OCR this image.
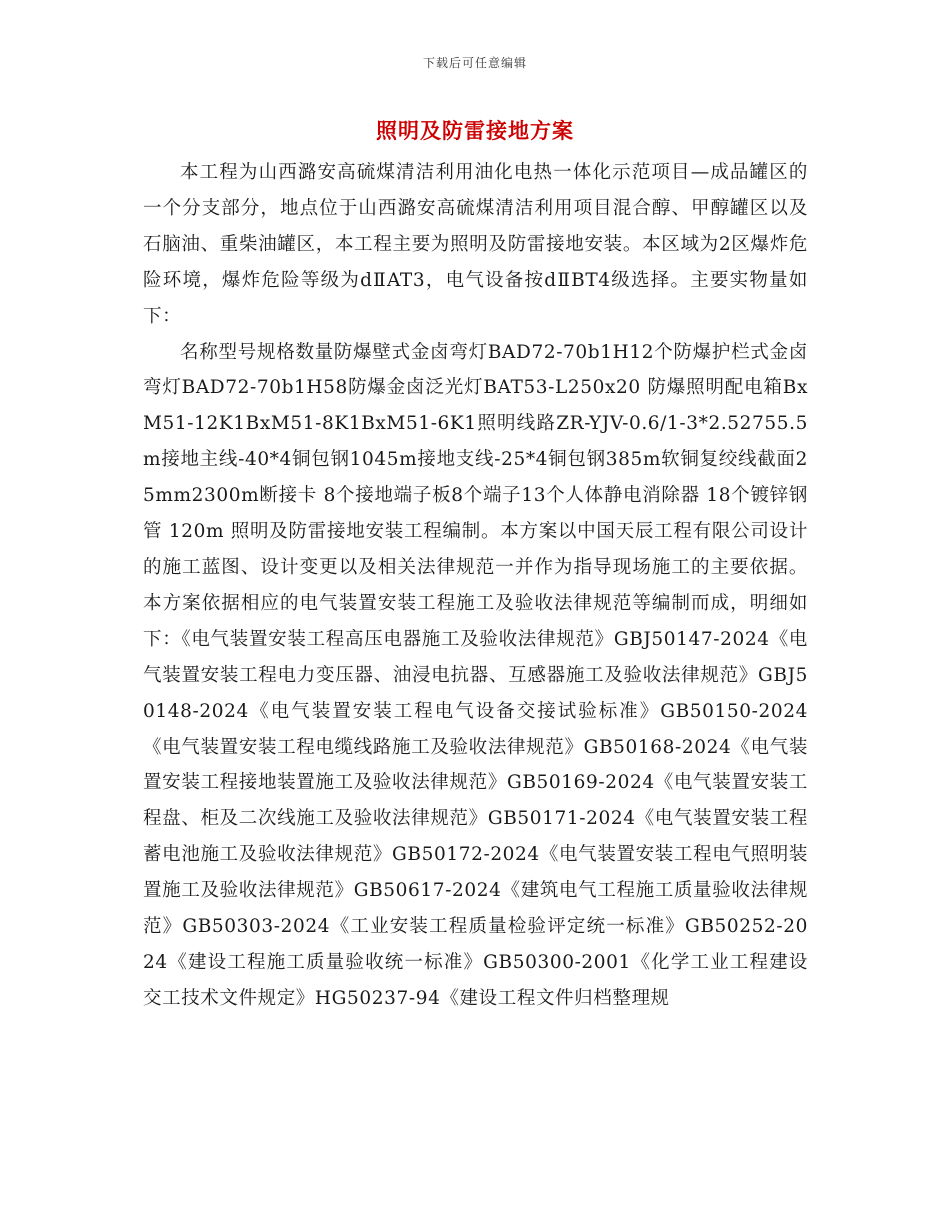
下载后可任意编辑
照明及防雷接地方案

本工程为山西潞安高硫煤清洁利用油化电热一体化示范项目—成品罐区的一个分支部分，地点位于山西潞安高硫煤清洁利用项目混合醇、甲醇罐区以及石脑油、重柴油罐区，本工程主要为照明及防雷接地安装。本区域为2区爆炸危险环境，爆炸危险等级为dⅡAT3，电气设备按dⅡBT4级选择。主要实物量如下：

名称型号规格数量防爆壁式金卤弯灯BAD72-70b1H12个防爆护栏式金卤弯灯BAD72-70b1H58防爆金卤泛光灯BAT53-L250x20 防爆照明配电箱BxM51-12K1BxM51-8K1BxM51-6K1照明线路ZR-YJV-0.6/1-3*2.52755.5m接地主线-40*4铜包钢1045m接地支线-25*4铜包钢385m软铜复绞线截面25mm2300m断接卡 8个接地端子板8个端子13个人体静电消除器 18个镀锌钢管 120m 照明及防雷接地安装工程编制。本方案以中国天辰工程有限公司设计的施工蓝图、设计变更以及相关法律规范一并作为指导现场施工的主要依据。 本方案依据相应的电气装置安装工程施工及验收法律规范等编制而成，明细如下：《电气装置安装工程高压电器施工及验收法律规范》GBJ50147-2024《电气装置安装工程电力变压器、油浸电抗器、互感器施工及验收法律规范》GBJ50148-2024《电气装置安装工程电气设备交接试验标准》GB50150-2024《电气装置安装工程电缆线路施工及验收法律规范》GB50168-2024《电气装置安装工程接地装置施工及验收法律规范》GB50169-2024《电气装置安装工程盘、柜及二次线施工及验收法律规范》GB50171-2024《电气装置安装工程蓄电池施工及验收法律规范》GB50172-2024《电气装置安装工程电气照明装置施工及验收法律规范》GB50617-2024《建筑电气工程施工质量验收法律规范》GB50303-2024《工业安装工程质量检验评定统一标准》GB50252-2024《建设工程施工质量验收统一标准》GB50300-2001《化学工业工程建设交工技术文件规定》HG50237-94《建设工程文件归档整理规
